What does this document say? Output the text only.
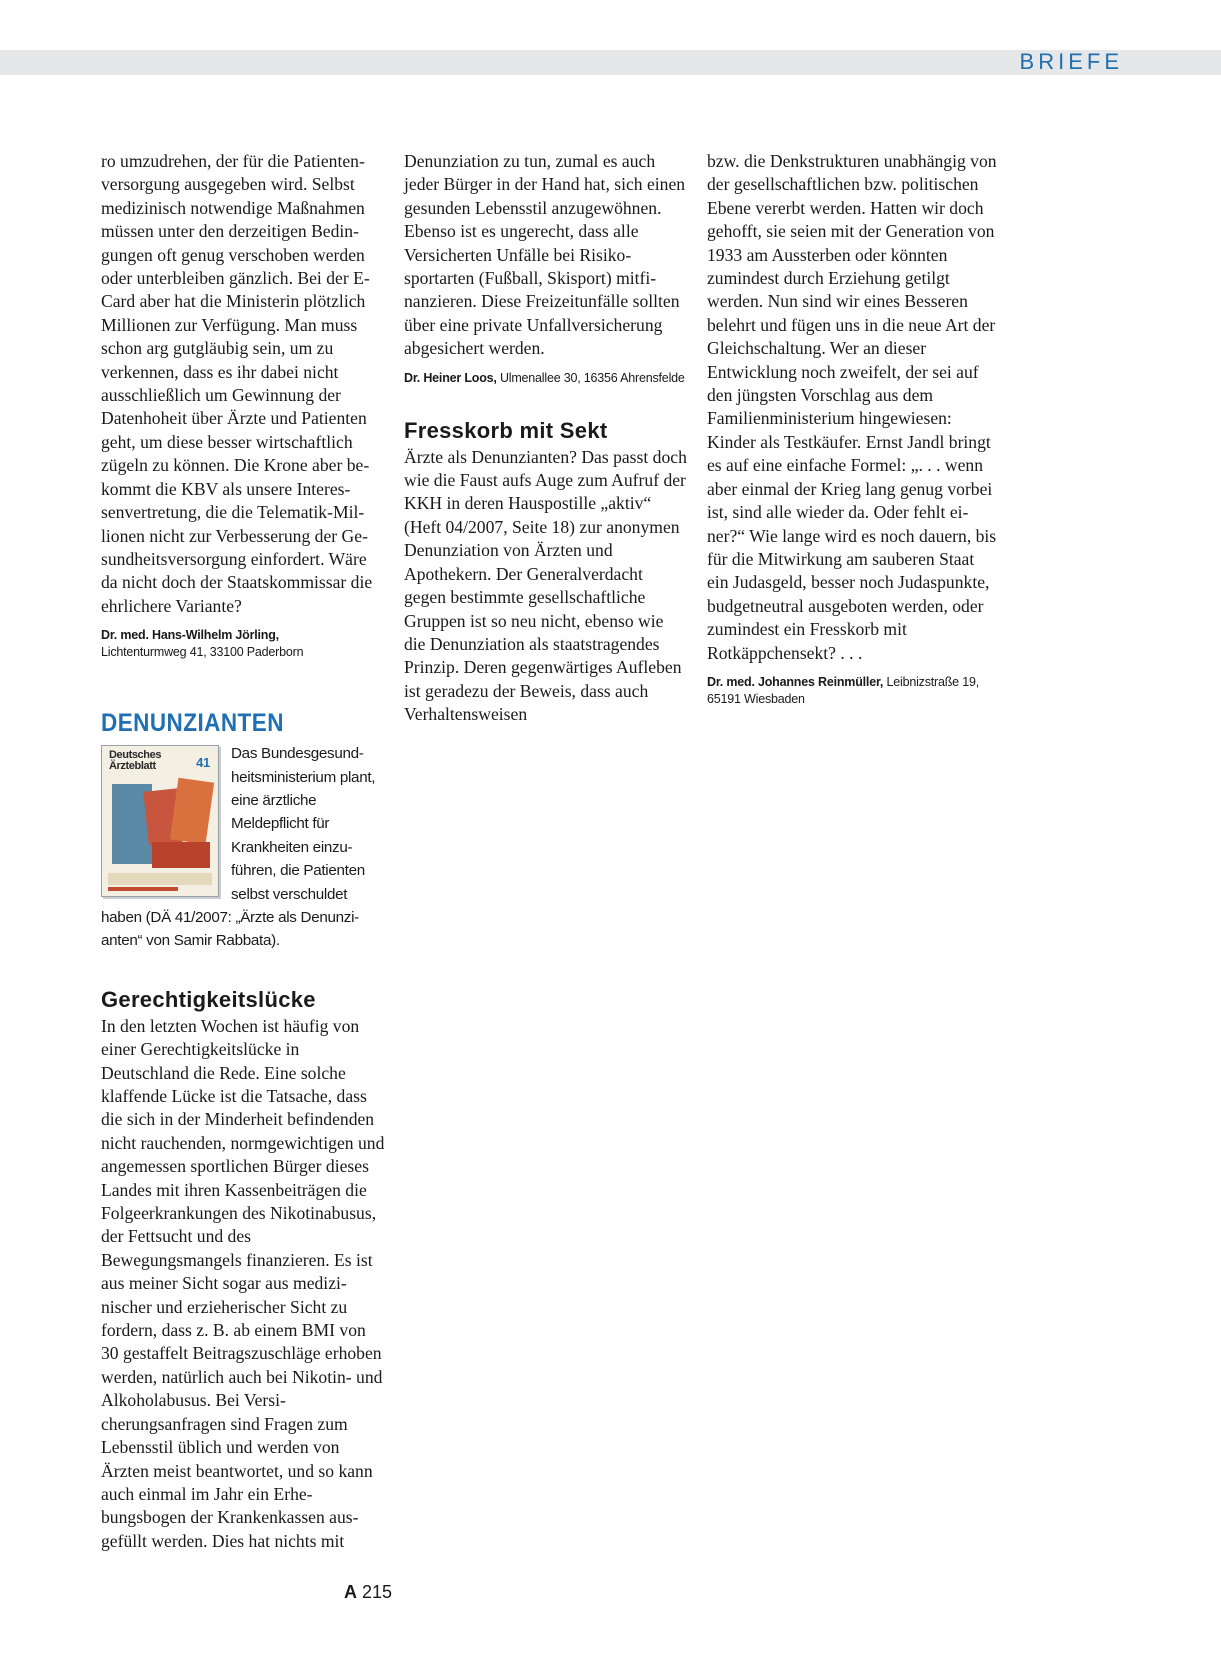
BRIEFE

ro umzudrehen, der für die Patientenversorgung ausgegeben wird. Selbst medizinisch notwendige Maßnahmen müssen unter den derzeitigen Bedingungen oft genug verschoben werden oder unterbleiben gänzlich. Bei der E-Card aber hat die Ministerin plötzlich Millionen zur Verfügung. Man muss schon arg gutgläubig sein, um zu verkennen, dass es ihr dabei nicht ausschließlich um Gewinnung der Datenhoheit über Ärzte und Patienten geht, um diese besser wirtschaftlich zügeln zu können. Die Krone aber bekommt die KBV als unsere Interessenvertretung, die die Telematik-Millionen nicht zur Verbesserung der Gesundheitsversorgung einfordert. Wäre da nicht doch der Staatskommissar die ehrlichere Variante?

Dr. med. Hans-Wilhelm Jörling,
Lichtenturmweg 41, 33100 Paderborn
DENUNZIANTEN
Deutsches
Ärzteblatt	41
Das Bundesgesundheitsministerium plant, eine ärztliche Meldepflicht für Krankheiten einzuführen, die Patienten selbst verschuldet haben (DÄ 41/2007: „Ärzte als Denunzianten“ von Samir Rabbata).
Gerechtigkeitslücke

In den letzten Wochen ist häufig von einer Gerechtigkeitslücke in Deutschland die Rede. Eine solche klaffende Lücke ist die Tatsache, dass die sich in der Minderheit befindenden nicht rauchenden, normgewichtigen und angemessen sportlichen Bürger dieses Landes mit ihren Kassenbeiträgen die Folgeerkrankungen des Nikotinabusus, der Fettsucht und des Bewegungsmangels finanzieren. Es ist aus meiner Sicht sogar aus medizinischer und erzieherischer Sicht zu fordern, dass z. B. ab einem BMI von 30 gestaffelt Beitragszuschläge erhoben werden, natürlich auch bei Nikotin- und Alkoholabusus. Bei Versicherungsanfragen sind Fragen zum Lebensstil üblich und werden von Ärzten meist beantwortet, und so kann auch einmal im Jahr ein Erhebungsbogen der Krankenkassen ausgefüllt werden. Dies hat nichts mit

Denunziation zu tun, zumal es auch jeder Bürger in der Hand hat, sich einen gesunden Lebensstil anzugewöhnen. Ebenso ist es ungerecht, dass alle Versicherten Unfälle bei Risikosportarten (Fußball, Skisport) mitfinanzieren. Diese Freizeitunfälle sollten über eine private Unfallversicherung abgesichert werden.

Dr. Heiner Loos, Ulmenallee 30, 16356 Ahrensfelde
Fresskorb mit Sekt

Ärzte als Denunzianten? Das passt doch wie die Faust aufs Auge zum Aufruf der KKH in deren Hauspostille „aktiv“ (Heft 04/2007, Seite 18) zur anonymen Denunziation von Ärzten und Apothekern. Der Generalverdacht gegen bestimmte gesellschaftliche Gruppen ist so neu nicht, ebenso wie die Denunziation als staatstragendes Prinzip. Deren gegenwärtiges Aufleben ist geradezu der Beweis, dass auch Verhaltensweisen

bzw. die Denkstrukturen unabhängig von der gesellschaftlichen bzw. politischen Ebene vererbt werden. Hatten wir doch gehofft, sie seien mit der Generation von 1933 am Aussterben oder könnten zumindest durch Erziehung getilgt werden. Nun sind wir eines Besseren belehrt und fügen uns in die neue Art der Gleichschaltung. Wer an dieser Entwicklung noch zweifelt, der sei auf den jüngsten Vorschlag aus dem Familienministerium hingewiesen: Kinder als Testkäufer. Ernst Jandl bringt es auf eine einfache Formel: „. . . wenn aber einmal der Krieg lang genug vorbei ist, sind alle wieder da. Oder fehlt einer?“ Wie lange wird es noch dauern, bis für die Mitwirkung am sauberen Staat ein Judasgeld, besser noch Judaspunkte, budgetneutral ausgeboten werden, oder zumindest ein Fresskorb mit Rotkäppchensekt? . . .

Dr. med. Johannes Reinmüller, Leibnizstraße 19, 65191 Wiesbaden
A 215
